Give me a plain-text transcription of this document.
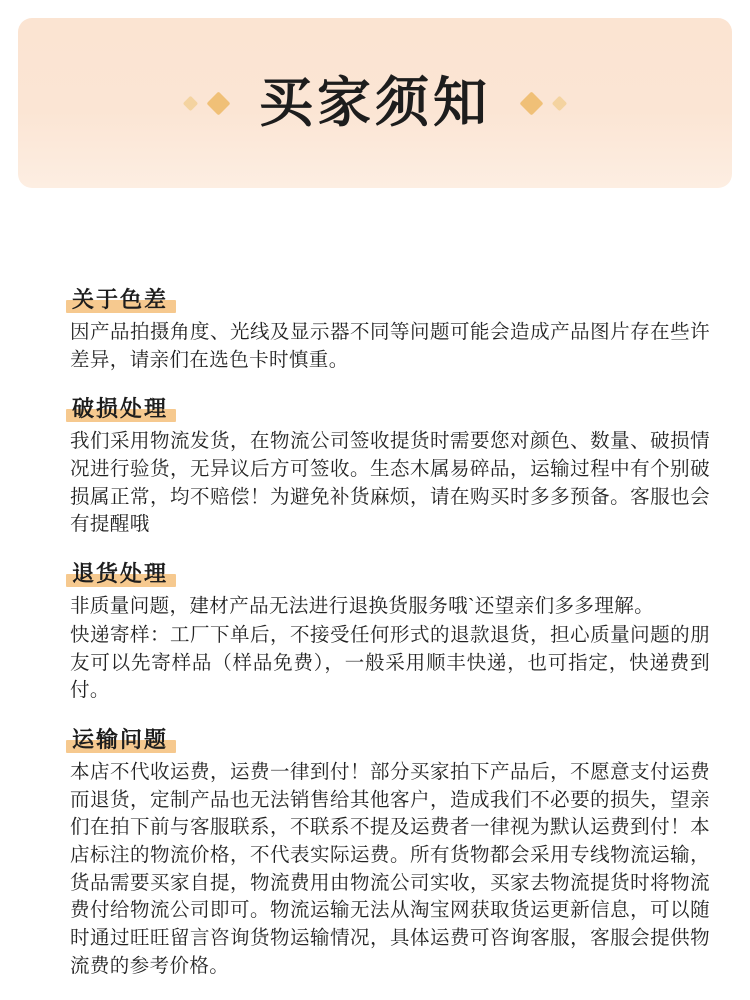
买家须知
关于色差

因产品拍摄角度、光线及显示器不同等问题可能会造成产品图片存在些许差异，请亲们在选色卡时慎重。

破损处理

我们采用物流发货，在物流公司签收提货时需要您对颜色、数量、破损情况进行验货，无异议后方可签收。生态木属易碎品，运输过程中有个别破损属正常，均不赔偿！为避免补货麻烦，请在购买时多多预备。客服也会有提醒哦

退货处理

非质量问题，建材产品无法进行退换货服务哦`还望亲们多多理解。

快递寄样：工厂下单后，不接受任何形式的退款退货，担心质量问题的朋友可以先寄样品（样品免费），一般采用顺丰快递，也可指定，快递费到付。

运输问题

本店不代收运费，运费一律到付！部分买家拍下产品后，不愿意支付运费而退货，定制产品也无法销售给其他客户，造成我们不必要的损失，望亲们在拍下前与客服联系，不联系不提及运费者一律视为默认运费到付！本店标注的物流价格，不代表实际运费。所有货物都会采用专线物流运输，货品需要买家自提，物流费用由物流公司实收，买家去物流提货时将物流费付给物流公司即可。物流运输无法从淘宝网获取货运更新信息，可以随时通过旺旺留言咨询货物运输情况，具体运费可咨询客服，客服会提供物流费的参考价格。
